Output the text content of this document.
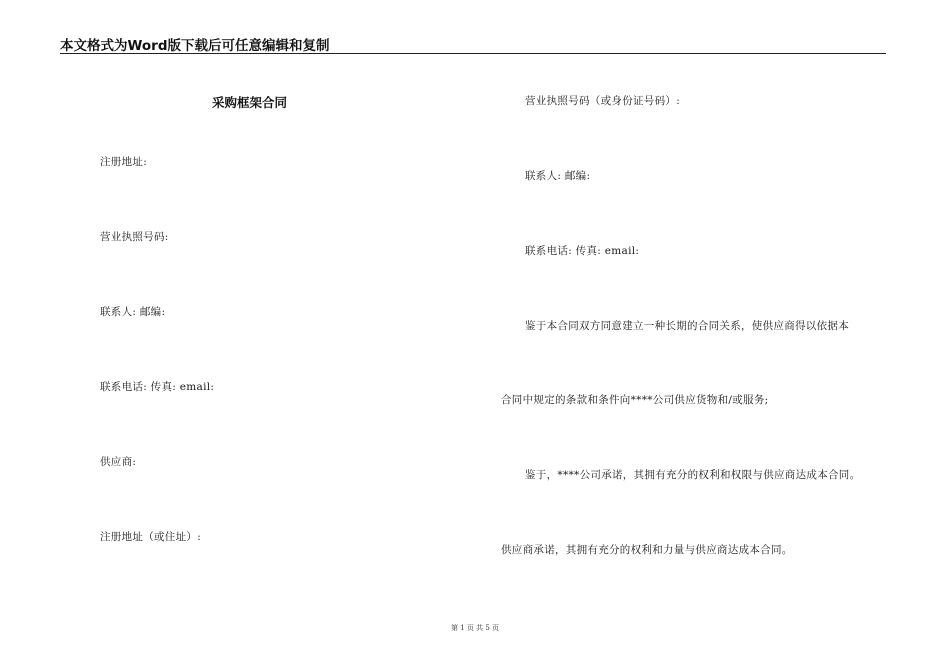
本文格式为Word版下载后可任意编辑和复制
采购框架合同
注册地址:
营业执照号码:
联系人: 邮编:
联系电话: 传真: email:
供应商:
注册地址（或住址）:
营业执照号码（或身份证号码）:
联系人: 邮编:
联系电话: 传真: email:
鉴于本合同双方同意建立一种长期的合同关系，使供应商得以依据本
合同中规定的条款和条件向****公司供应货物和/或服务;
鉴于，****公司承诺，其拥有充分的权利和权限与供应商达成本合同。
供应商承诺，其拥有充分的权利和力量与供应商达成本合同。
第 1 页 共 5 页
